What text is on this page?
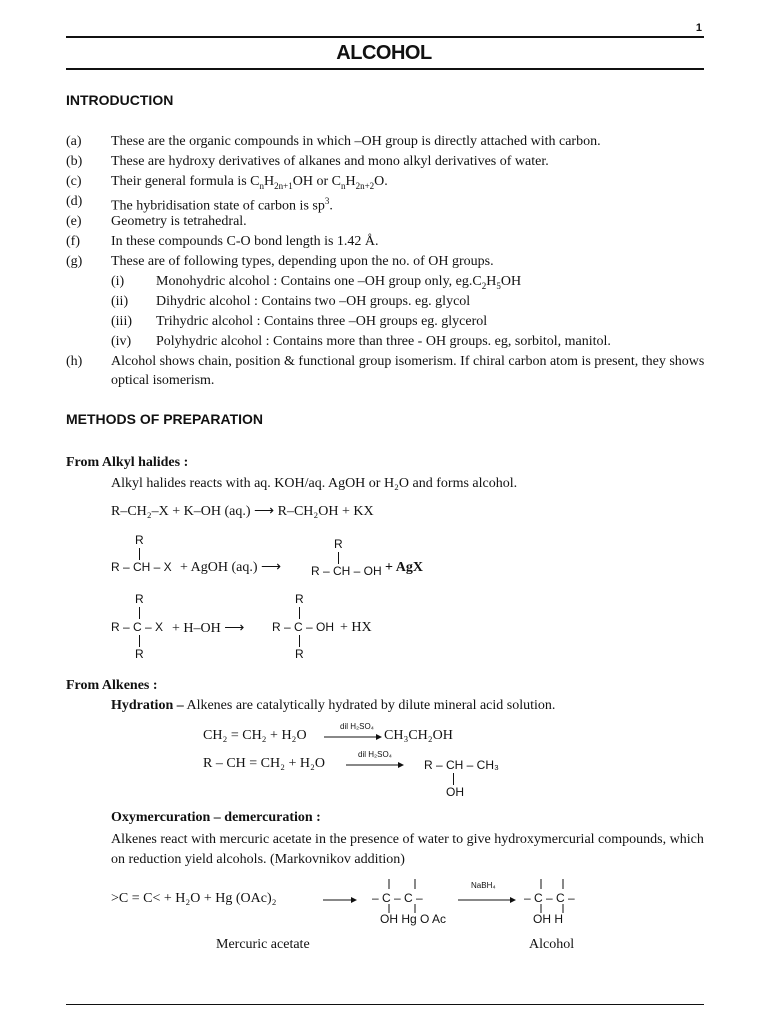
1
ALCOHOL
INTRODUCTION
(a) These are the organic compounds in which –OH group is directly attached with carbon.
(b) These are hydroxy derivatives of alkanes and mono alkyl derivatives of water.
(c) Their general formula is $C_nH_{2n+1}OH$ or $C_nH_{2n+2}O$.
(d) The hybridisation state of carbon is $sp^3$.
(e) Geometry is tetrahedral.
(f) In these compounds C-O bond length is 1.42 Å.
(g) These are of following types, depending upon the no. of OH groups.
(i) Monohydric alcohol : Contains one –OH group only, $eg.C_2H_5OH$
(ii) Dihydric alcohol : Contains two –OH groups. eg. glycol
(iii) Trihydric alcohol : Contains three –OH groups eg. glycerol
(iv) Polyhydric alcohol : Contains more than three - OH groups. eg, sorbitol, manitol.
(h) Alcohol shows chain, position & functional group isomerism. If chiral carbon atom is present, they shows optical isomerism.
METHODS OF PREPARATION
From Alkyl halides :
Alkyl halides reacts with aq. KOH/aq. AgOH or H₂O and forms alcohol.
R–CH₂–X + K–OH (aq.) ⟶ R–CH₂OH + KX
R
R – CH – X + AgOH (aq.) ⟶
R
R – CH – OH + AgX
R
R – C – X
R
+ H–OH ⟶
R
R – C – OH
R
+ HX
From Alkenes :
Hydration – Alkenes are catalytically hydrated by dilute mineral acid solution.
CH₂ = CH₂ + H₂O
dil H₂SO₄
CH₃CH₂OH
R – CH = CH₂ + H₂O
dil H₂SO₄
R – CH – CH₃
OH
Oxymercuration – demercuration :
Alkenes react with mercuric acetate in the presence of water to give hydroxymercurial compounds, which on reduction yield alcohols. (Markovnikov addition)
>C = C< + H₂O + Hg (OAc)₂	– C – C –
OH Hg O Ac
NaBH₄
– C – C –
OH H
Mercuric acetate	Alcohol
